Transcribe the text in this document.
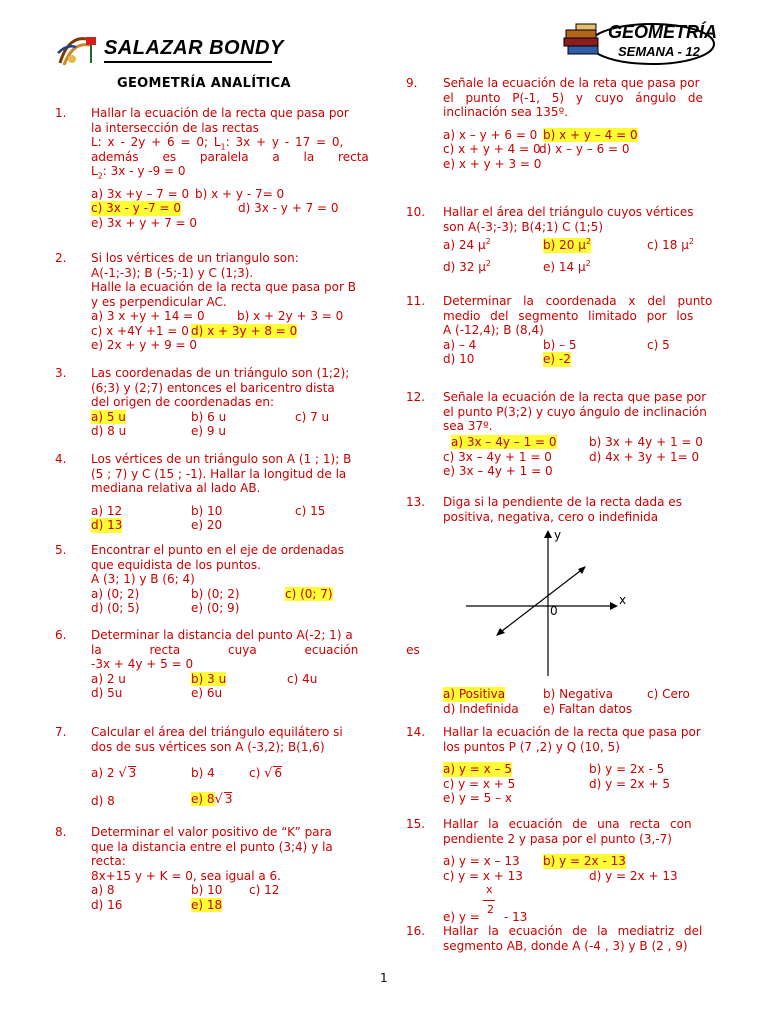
SALAZAR BONDY
GEOMETRÍA
SEMANA - 12
GEOMETRÍA ANALÍTICA
1. Hallar la ecuación de la recta que pasa por
la intersección de las rectas
L: x - 2y + 6 = 0; $L_1$: 3x + y - 17 = 0,
además es paralela a la recta
$L_2$: 3x - y -9 = 0
a) 3x +y – 7 = 0 b) x + y - 7= 0
c) 3x - y -7 = 0	d) 3x - y + 7 = 0
e) 3x + y + 7 = 0
2. Si los vértices de un triangulo son:
A(-1;-3); B (-5;-1) y C (1;3).
Halle la ecuación de la recta que pasa por B
y es perpendicular AC.
a) 3 x +y + 14 = 0	b) x + 2y + 3 = 0
c) x +4Y +1 = 0 d) x + 3y + 8 = 0
e) 2x + y + 9 = 0
3. Las coordenadas de un triángulo son (1;2);
(6;3) y (2;7) entonces el baricentro dista
del origen de coordenadas en:
a) 5 u	b) 6 u	c) 7 u
d) 8 u	e) 9 u
4. Los vértices de un triángulo son A (1 ; 1); B
(5 ; 7) y C (15 ; -1). Hallar la longitud de la
mediana relativa al lado AB.
a) 12	b) 10	c) 15
d) 13	e) 20
5. Encontrar el punto en el eje de ordenadas
que equidista de los puntos.
A (3; 1) y B (6; 4)
a) (0; 2)	b) (0; 2)	c) (0; 7)
d) (0; 5)	e) (0; 9)
6. Determinar la distancia del punto A(-2; 1) a
la recta cuya ecuación es
-3x + 4y + 5 = 0
a) 2 u	b) 3 u	c) 4u
d) 5u	e) 6u
7. Calcular el área del triángulo equilátero si
dos de sus vértices son A (-3,2); B(1,6)
a) 2 √ 3	b) 4	c) √ 6
d) 8	e) 8√ 3
8. Determinar el valor positivo de “K” para
que la distancia entre el punto (3;4) y la
recta:
8x+15 y + K = 0, sea igual a 6.
a) 8	b) 10 c) 12
d) 16	e) 18
9. Señale la ecuación de la reta que pasa por
el punto P(-1, 5) y cuyo ángulo de
inclinación sea 135º.
a) x – y + 6 = 0 b) x + y – 4 = 0
c) x + y + 4 = 0
d) x – y – 6 = 0
e) x + y + 3 = 0
10. Hallar el área del triángulo cuyos vértices
son A(-3;-3); B(4;1) C (1;5)
a) 24 $\mu^2$	b) 20 $\mu^2$	c) 18 $\mu^2$
d) 32 $\mu^2$	e) 14 $\mu^2$
11. Determinar la coordenada x del punto
medio del segmento limitado por los
A (-12,4); B (8,4)
a) – 4	b) – 5	c) 5
d) 10	e) -2
12. Señale la ecuación de la recta que pase por
el punto P(3;2) y cuyo ángulo de inclinación
sea 37º.
a) 3x – 4y – 1 = 0	b) 3x + 4y + 1 = 0
c) 3x – 4y + 1 = 0	d) 4x + 3y + 1= 0
e) 3x – 4y + 1 = 0
13. Diga si la pendiente de la recta dada es
positiva, negativa, cero o indefinida
y
x
0
a) Positiva	b) Negativa	c) Cero
d) Indefinida e) Faltan datos
14. Hallar la ecuación de la recta que pasa por
los puntos P (7 ,2) y Q (10, 5)
a) y = x – 5	b) y = 2x - 5
c) y = x + 5	d) y = 2x + 5
e) y = 5 – x
15. Hallar la ecuación de una recta con
pendiente 2 y pasa por el punto (3,-7)
a) y = x – 13 b) y = 2x - 13
c) y = x + 13	d) y = 2x + 13
x
2
e) y = - 13
16. Hallar la ecuación de la mediatriz del
segmento AB, donde A (-4 , 3) y B (2 , 9)
1
